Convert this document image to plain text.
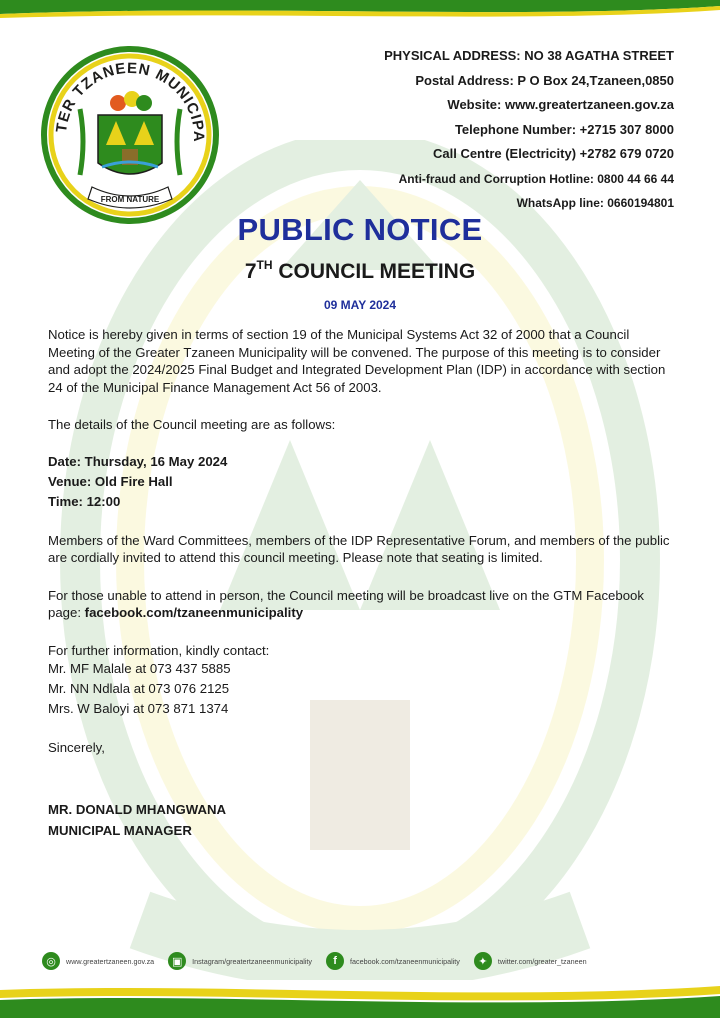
TER TZANEEN MUNICIPA
FROM NATURE
PHYSICAL ADDRESS: NO 38 AGATHA STREET
Postal Address: P O Box 24,Tzaneen,0850
Website: www.greatertzaneen.gov.za
Telephone Number: +2715 307 8000
Call Centre (Electricity) +2782 679 0720
Anti-fraud and Corruption Hotline: 0800 44 66 44
WhatsApp line: 0660194801
PUBLIC NOTICE
7TH COUNCIL MEETING
09 MAY 2024

Notice is hereby given in terms of section 19 of the Municipal Systems Act 32 of 2000 that a Council Meeting of the Greater Tzaneen Municipality will be convened. The purpose of this meeting is to consider and adopt the 2024/2025 Final Budget and Integrated Development Plan (IDP) in accordance with section 24 of the Municipal Finance Management Act 56 of 2003.

The details of the Council meeting are as follows:

Date: Thursday, 16 May 2024

Venue: Old Fire Hall

Time: 12:00

Members of the Ward Committees, members of the IDP Representative Forum, and members of the public are cordially invited to attend this council meeting. Please note that seating is limited.

For those unable to attend in person, the Council meeting will be broadcast live on the GTM Facebook page: facebook.com/tzaneenmunicipality

For further information, kindly contact:

Mr. MF Malale at 073 437 5885

Mr. NN Ndlala at 073 076 2125

Mrs. W Baloyi at 073 871 1374

Sincerely,

MR. DONALD MHANGWANA

MUNICIPAL MANAGER

◎	www.greatertzaneen.gov.za	▣	Instagram/greatertzaneenmunicipality	f	facebook.com/tzaneenmunicipality	✦	twitter.com/greater_tzaneen
